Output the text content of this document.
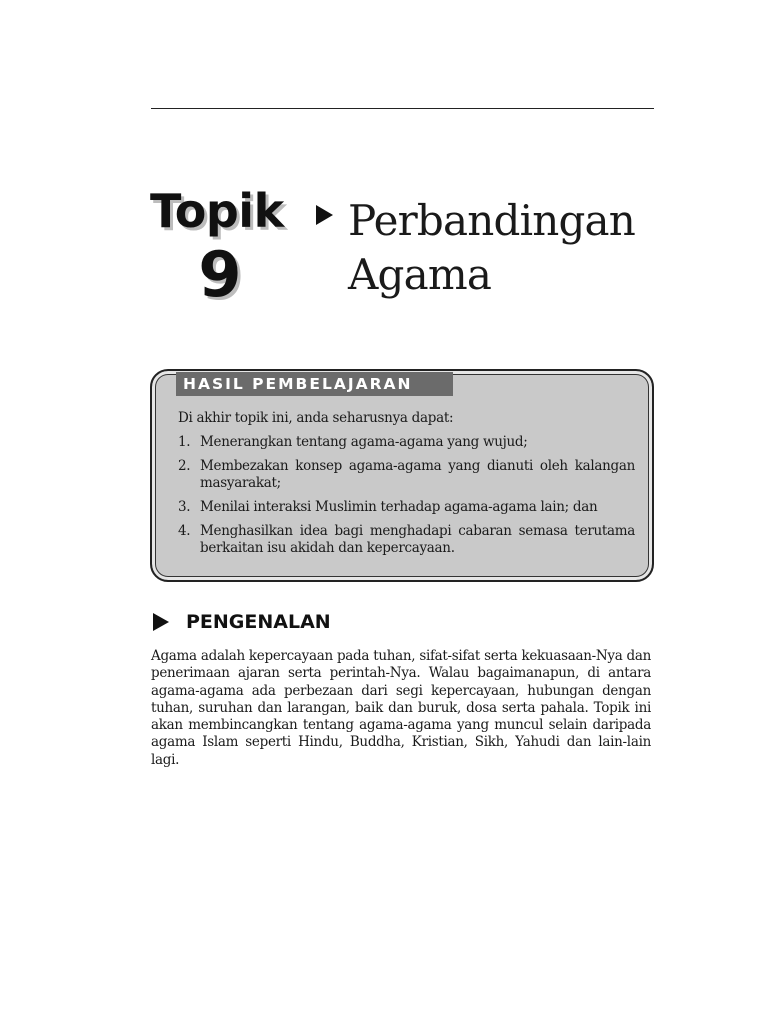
Topik
9
Perbandingan
Agama
HASIL PEMBELAJARAN
Di akhir topik ini, anda seharusnya dapat:
1. Menerangkan tentang agama-agama yang wujud;
2. Membezakan konsep agama-agama yang dianuti oleh kalangan masyarakat;
3. Menilai interaksi Muslimin terhadap agama-agama lain; dan
4. Menghasilkan idea bagi menghadapi cabaran semasa terutama berkaitan isu akidah dan kepercayaan.
PENGENALAN

Agama adalah kepercayaan pada tuhan, sifat-sifat serta kekuasaan-Nya dan penerimaan ajaran serta perintah-Nya. Walau bagaimanapun, di antara agama-agama ada perbezaan dari segi kepercayaan, hubungan dengan tuhan, suruhan dan larangan, baik dan buruk, dosa serta pahala. Topik ini akan membincangkan tentang agama-agama yang muncul selain daripada agama Islam seperti Hindu, Buddha, Kristian, Sikh, Yahudi dan lain-lain lagi.
